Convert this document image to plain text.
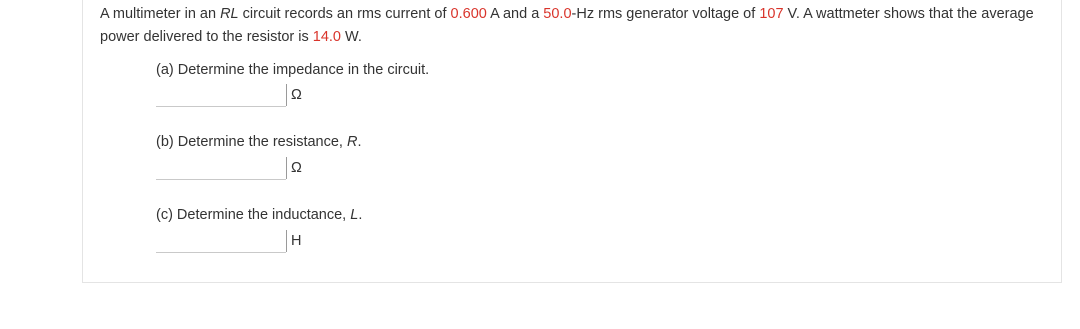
A multimeter in an RL circuit records an rms current of 0.600 A and a 50.0-Hz rms generator voltage of 107 V. A wattmeter shows that the average power delivered to the resistor is 14.0 W.
(a) Determine the impedance in the circuit.
Ω
(b) Determine the resistance, R.
Ω
(c) Determine the inductance, L.
H
